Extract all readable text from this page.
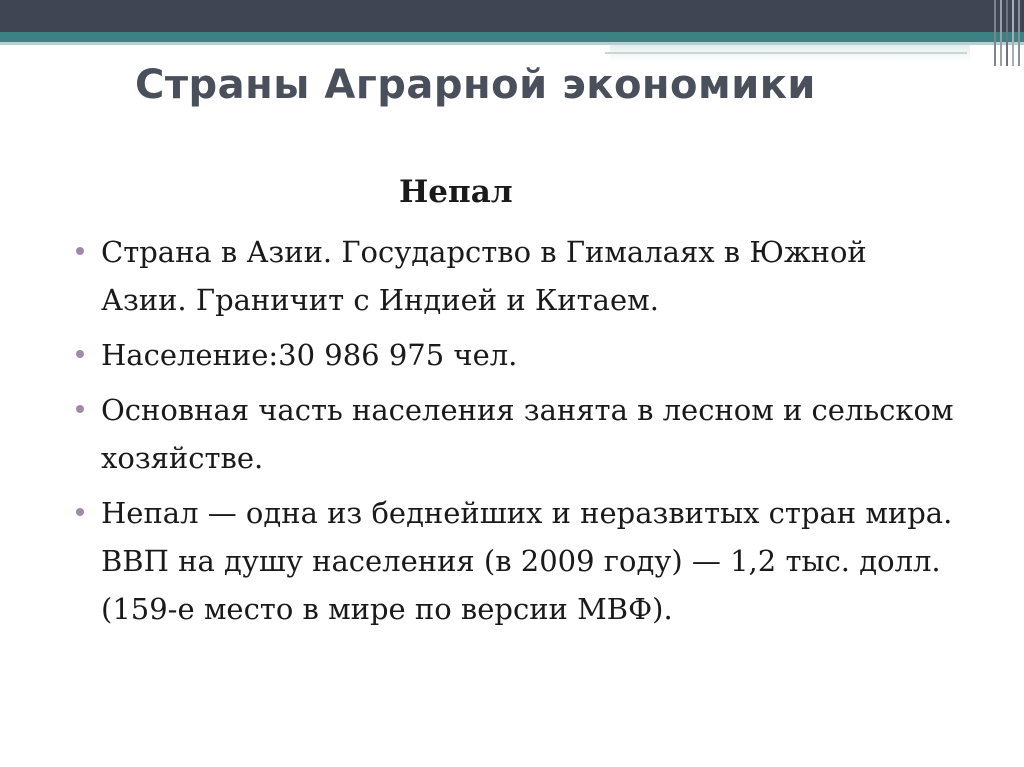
Страны Аграрной экономики
Непал
Страна в Азии. Государство в Гималаях в Южной Азии. Граничит с Индией и Китаем.
Население:30 986 975 чел.
Основная часть населения занята в лесном и сельском хозяйстве.
Непал — одна из беднейших и неразвитых стран мира. ВВП на душу населения (в 2009 году) — 1,2 тыс. долл. (159-е место в мире по версии МВФ).
